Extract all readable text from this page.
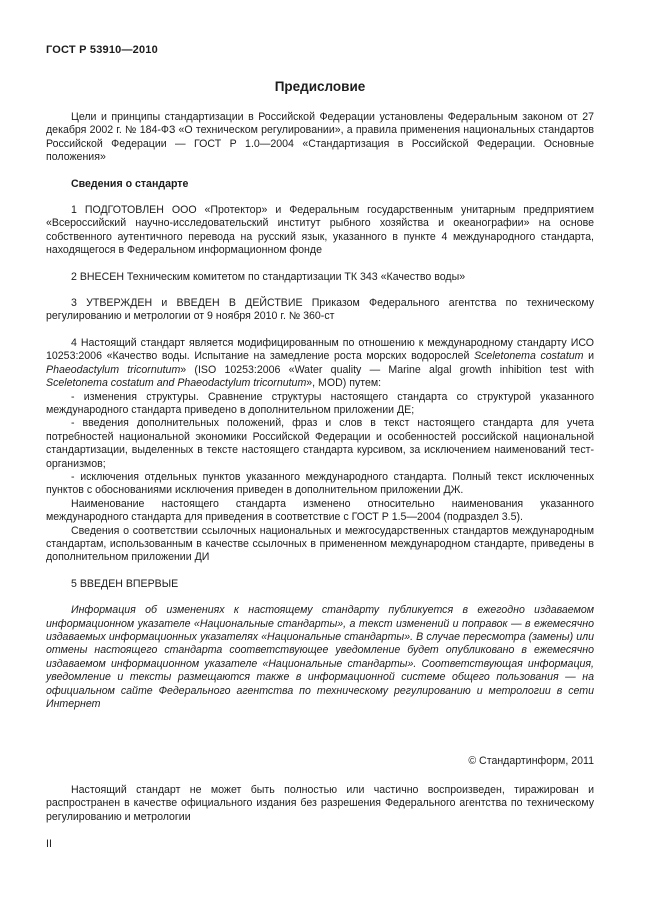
ГОСТ Р 53910—2010
Предисловие

Цели и принципы стандартизации в Российской Федерации установлены Федеральным законом от 27 декабря 2002 г. № 184-ФЗ «О техническом регулировании», а правила применения национальных стандартов Российской Федерации — ГОСТ Р 1.0—2004 «Стандартизация в Российской Федерации. Основные положения»

Сведения о стандарте

1 ПОДГОТОВЛЕН ООО «Протектор» и Федеральным государственным унитарным предприятием «Всероссийский научно-исследовательский институт рыбного хозяйства и океанографии» на основе собственного аутентичного перевода на русский язык, указанного в пункте 4 международного стандарта, находящегося в Федеральном информационном фонде

2 ВНЕСЕН Техническим комитетом по стандартизации ТК 343 «Качество воды»

3 УТВЕРЖДЕН и ВВЕДЕН В ДЕЙСТВИЕ Приказом Федерального агентства по техническому регулированию и метрологии от 9 ноября 2010 г. № 360-ст

4 Настоящий стандарт является модифицированным по отношению к международному стандарту ИСО 10253:2006 «Качество воды. Испытание на замедление роста морских водорослей Sceletonema costatum и Phaeodactylum tricornutum» (ISO 10253:2006 «Water quality — Marine algal growth inhibition test with Sceletonema costatum and Phaeodactylum tricornutum», MOD) путем:

- изменения структуры. Сравнение структуры настоящего стандарта со структурой указанного международного стандарта приведено в дополнительном приложении ДЕ;

- введения дополнительных положений, фраз и слов в текст настоящего стандарта для учета потребностей национальной экономики Российской Федерации и особенностей российской национальной стандартизации, выделенных в тексте настоящего стандарта курсивом, за исключением наименований тест-организмов;

- исключения отдельных пунктов указанного международного стандарта. Полный текст исключенных пунктов с обоснованиями исключения приведен в дополнительном приложении ДЖ.

Наименование настоящего стандарта изменено относительно наименования указанного международного стандарта для приведения в соответствие с ГОСТ Р 1.5—2004 (подраздел 3.5).

Сведения о соответствии ссылочных национальных и межгосударственных стандартов международным стандартам, использованным в качестве ссылочных в примененном международном стандарте, приведены в дополнительном приложении ДИ

5 ВВЕДЕН ВПЕРВЫЕ

Информация об изменениях к настоящему стандарту публикуется в ежегодно издаваемом информационном указателе «Национальные стандарты», а текст изменений и поправок — в ежемесячно издаваемых информационных указателях «Национальные стандарты». В случае пересмотра (замены) или отмены настоящего стандарта соответствующее уведомление будет опубликовано в ежемесячно издаваемом информационном указателе «Национальные стандарты». Соответствующая информация, уведомление и тексты размещаются также в информационной системе общего пользования — на официальном сайте Федерального агентства по техническому регулированию и метрологии в сети Интернет

© Стандартинформ, 2011

Настоящий стандарт не может быть полностью или частично воспроизведен, тиражирован и распространен в качестве официального издания без разрешения Федерального агентства по техническому регулированию и метрологии

II
